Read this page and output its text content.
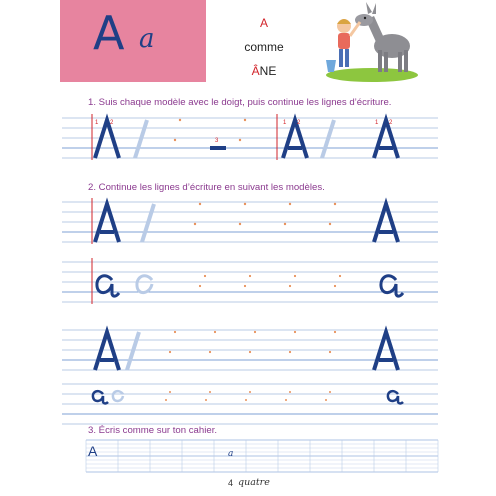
A a
A
comme
ÂNE
1. Suis chaque modèle avec le doigt, puis continue les lignes d’écriture.
2. Continue les lignes d’écriture en suivant les modèles.
3. Écris comme sur ton cahier.
1 2
3
1 2	1 2
A	a
4 quatre
